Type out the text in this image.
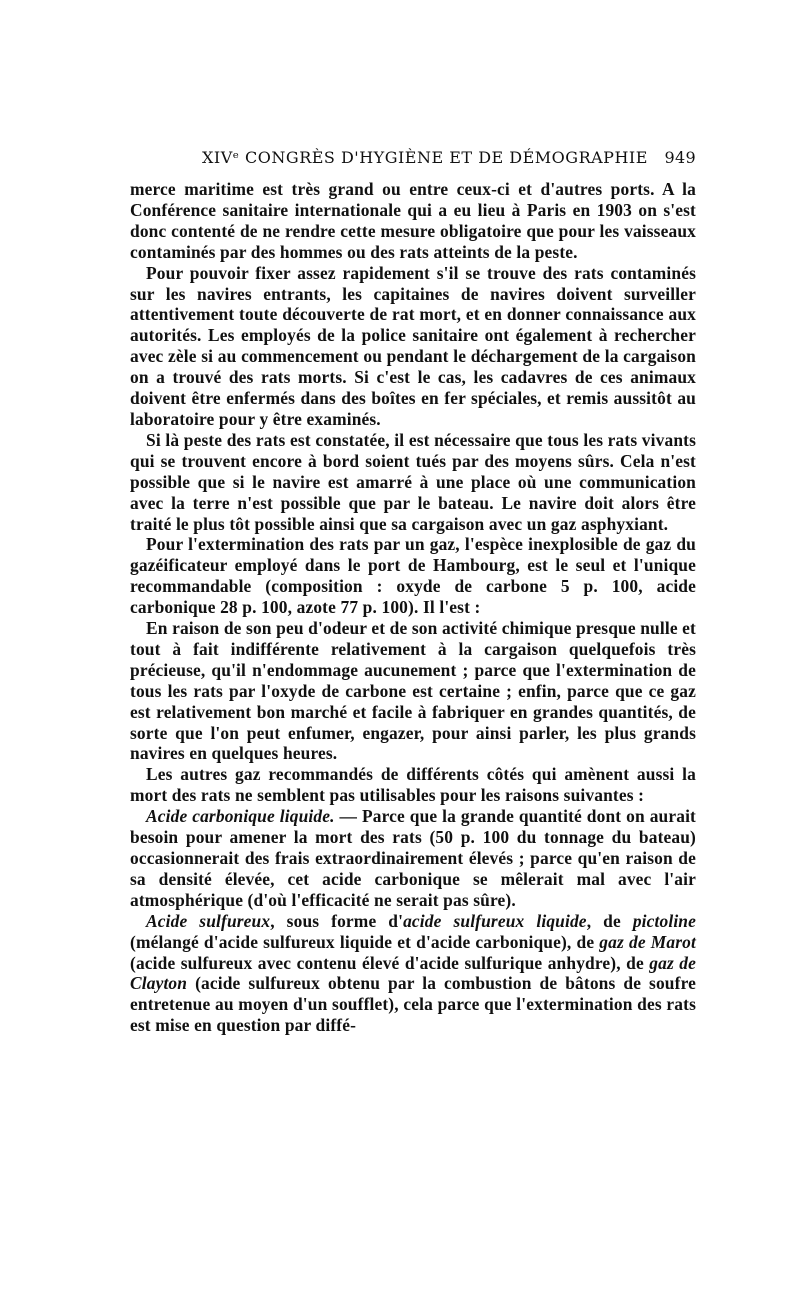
XIVᵉ CONGRÈS D'HYGIÈNE ET DE DÉMOGRAPHIE 949

merce maritime est très grand ou entre ceux-ci et d'autres ports. A la Conférence sanitaire internationale qui a eu lieu à Paris en 1903 on s'est donc contenté de ne rendre cette mesure obligatoire que pour les vaisseaux contaminés par des hommes ou des rats atteints de la peste.

Pour pouvoir fixer assez rapidement s'il se trouve des rats contaminés sur les navires entrants, les capitaines de navires doivent surveiller attentivement toute découverte de rat mort, et en donner connaissance aux autorités. Les employés de la police sanitaire ont également à rechercher avec zèle si au commencement ou pendant le déchargement de la cargaison on a trouvé des rats morts. Si c'est le cas, les cadavres de ces animaux doivent être enfermés dans des boîtes en fer spéciales, et remis aussitôt au laboratoire pour y être examinés.

Si là peste des rats est constatée, il est nécessaire que tous les rats vivants qui se trouvent encore à bord soient tués par des moyens sûrs. Cela n'est possible que si le navire est amarré à une place où une communication avec la terre n'est possible que par le bateau. Le navire doit alors être traité le plus tôt possible ainsi que sa cargaison avec un gaz asphyxiant.

Pour l'extermination des rats par un gaz, l'espèce inexplosible de gaz du gazéificateur employé dans le port de Hambourg, est le seul et l'unique recommandable (composition : oxyde de carbone 5 p. 100, acide carbonique 28 p. 100, azote 77 p. 100). Il l'est :

En raison de son peu d'odeur et de son activité chimique presque nulle et tout à fait indifférente relativement à la cargaison quelquefois très précieuse, qu'il n'endommage aucunement ; parce que l'extermination de tous les rats par l'oxyde de carbone est certaine ; enfin, parce que ce gaz est relativement bon marché et facile à fabriquer en grandes quantités, de sorte que l'on peut enfumer, engazer, pour ainsi parler, les plus grands navires en quelques heures.

Les autres gaz recommandés de différents côtés qui amènent aussi la mort des rats ne semblent pas utilisables pour les raisons suivantes :

Acide carbonique liquide. — Parce que la grande quantité dont on aurait besoin pour amener la mort des rats (50 p. 100 du tonnage du bateau) occasionnerait des frais extraordinairement élevés ; parce qu'en raison de sa densité élevée, cet acide carbonique se mêlerait mal avec l'air atmosphérique (d'où l'efficacité ne serait pas sûre).

Acide sulfureux, sous forme d'acide sulfureux liquide, de pictoline (mélangé d'acide sulfureux liquide et d'acide carbonique), de gaz de Marot (acide sulfureux avec contenu élevé d'acide sulfurique anhydre), de gaz de Clayton (acide sulfureux obtenu par la combustion de bâtons de soufre entretenue au moyen d'un soufflet), cela parce que l'extermination des rats est mise en question par diffé-
